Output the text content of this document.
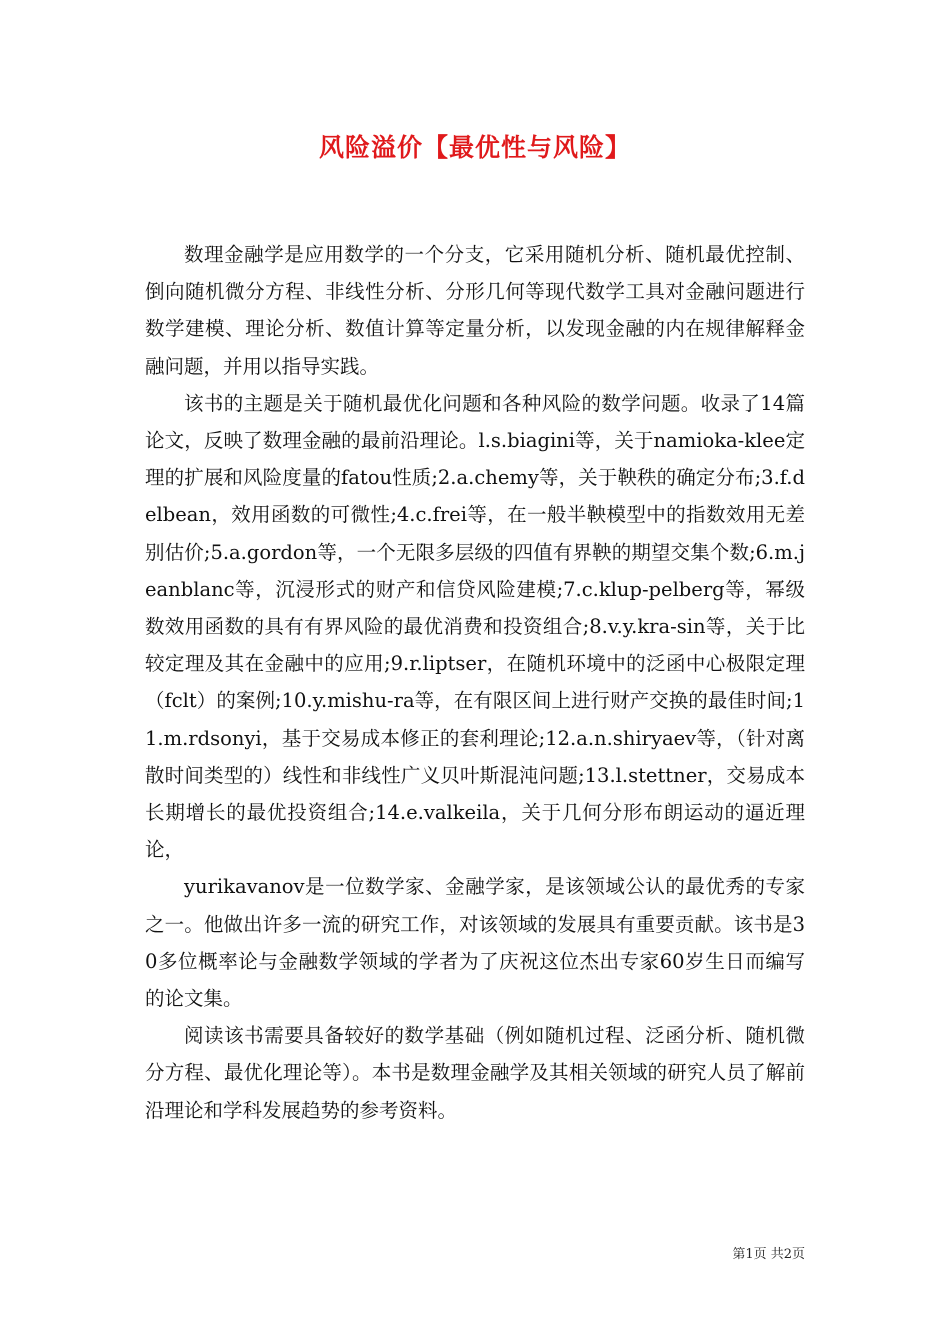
风险溢价【最优性与风险】

数理金融学是应用数学的一个分支，它采用随机分析、随机最优控制、倒向随机微分方程、非线性分析、分形几何等现代数学工具对金融问题进行数学建模、理论分析、数值计算等定量分析，以发现金融的内在规律解释金融问题，并用以指导实践。

该书的主题是关于随机最优化问题和各种风险的数学问题。收录了14篇论文，反映了数理金融的最前沿理论。l.s.biagini等，关于namioka-klee定理的扩展和风险度量的fatou性质;2.a.chemy等，关于鞅秩的确定分布;3.f.delbean，效用函数的可微性;4.c.frei等，在一般半鞅模型中的指数效用无差别估价;5.a.gordon等，一个无限多层级的四值有界鞅的期望交集个数;6.m.jeanblanc等，沉浸形式的财产和信贷风险建模;7.c.klup-pelberg等，幂级数效用函数的具有有界风险的最优消费和投资组合;8.v.y.kra-sin等，关于比较定理及其在金融中的应用;9.r.liptser，在随机环境中的泛函中心极限定理（fclt）的案例;10.y.mishu-ra等，在有限区间上进行财产交换的最佳时间;11.m.rdsonyi，基于交易成本修正的套利理论;12.a.n.shiryaev等，（针对离散时间类型的）线性和非线性广义贝叶斯混沌问题;13.l.stettner，交易成本长期增长的最优投资组合;14.e.valkeila，关于几何分形布朗运动的逼近理论，

yurikavanov是一位数学家、金融学家，是该领域公认的最优秀的专家之一。他做出许多一流的研究工作，对该领域的发展具有重要贡献。该书是30多位概率论与金融数学领域的学者为了庆祝这位杰出专家60岁生日而编写的论文集。

阅读该书需要具备较好的数学基础（例如随机过程、泛函分析、随机微分方程、最优化理论等）。本书是数理金融学及其相关领域的研究人员了解前沿理论和学科发展趋势的参考资料。

第1页 共2页
